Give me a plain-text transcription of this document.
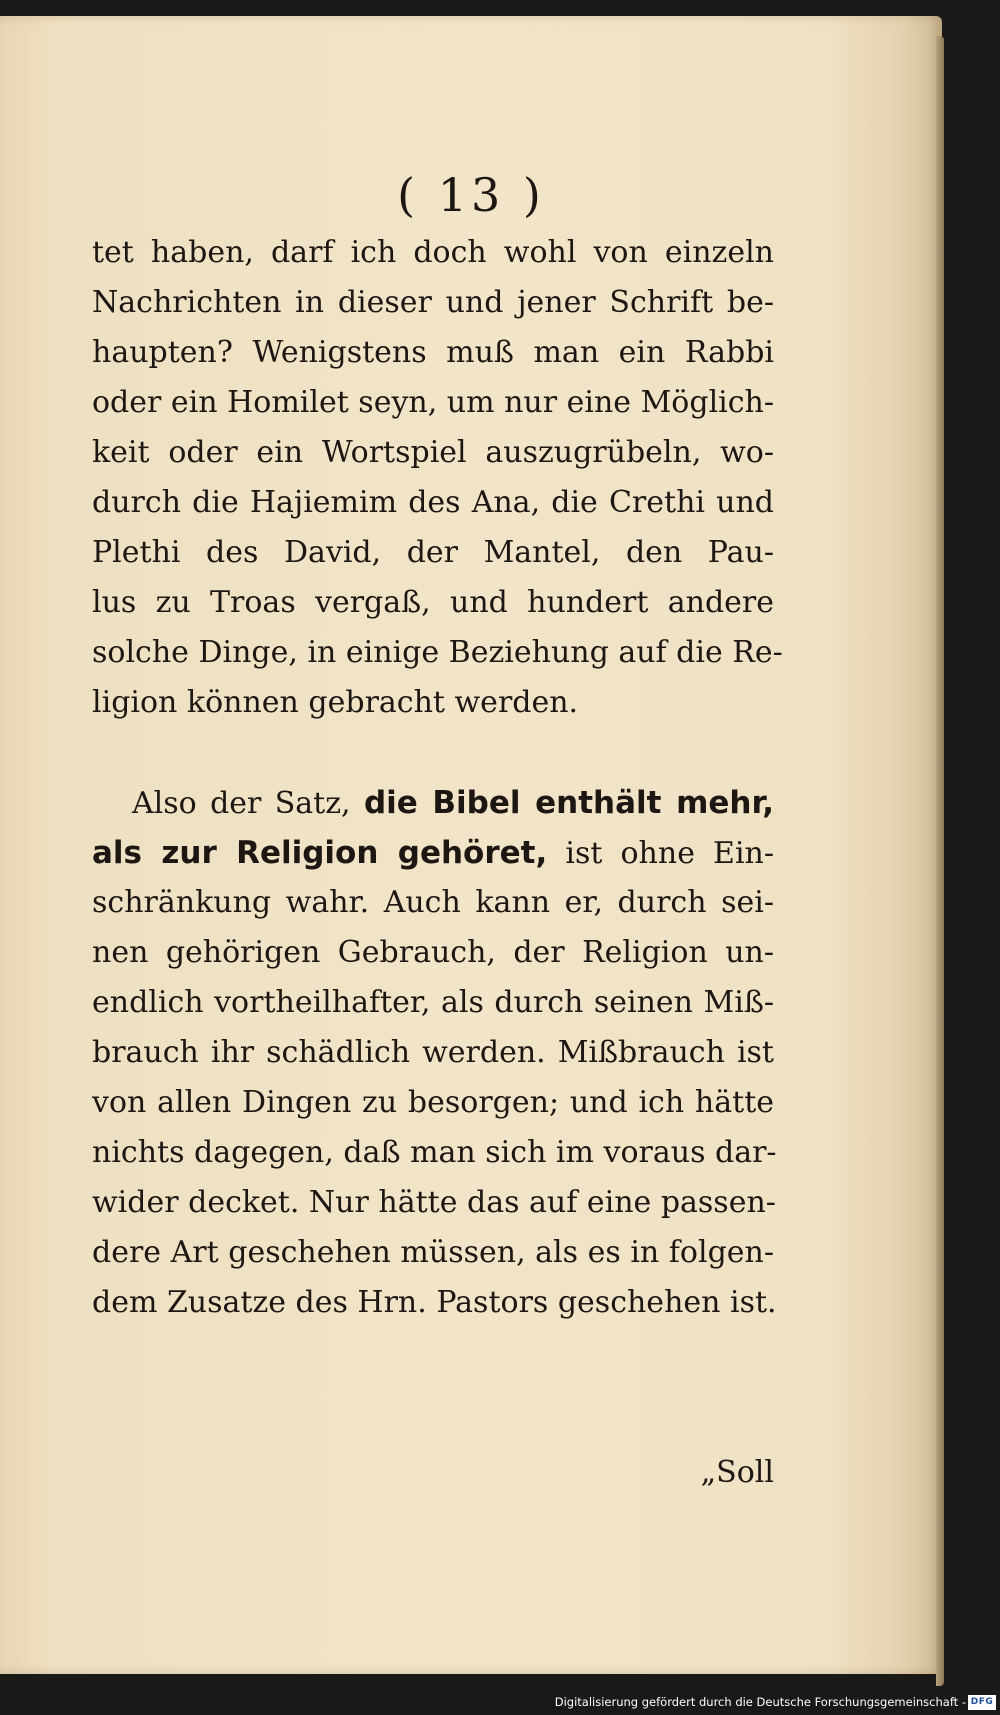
( 13 )

tet haben, darf ich doch wohl von einzeln

Nachrichten in dieser und jener Schrift be-

haupten? Wenigstens muß man ein Rabbi

oder ein Homilet seyn, um nur eine Möglich-

keit oder ein Wortspiel auszugrübeln, wo-

durch die Hajiemim des Ana, die Crethi und

Plethi des David, der Mantel, den Pau-

lus zu Troas vergaß, und hundert andere

solche Dinge, in einige Beziehung auf die Re-

ligion können gebracht werden.

Also der Satz, die Bibel enthält mehr,

als zur Religion gehöret, ist ohne Ein-

schränkung wahr. Auch kann er, durch sei-

nen gehörigen Gebrauch, der Religion un-

endlich vortheilhafter, als durch seinen Miß-

brauch ihr schädlich werden. Mißbrauch ist

von allen Dingen zu besorgen; und ich hätte

nichts dagegen, daß man sich im voraus dar-

wider decket. Nur hätte das auf eine passen-

dere Art geschehen müssen, als es in folgen-

dem Zusatze des Hrn. Pastors geschehen ist.

„Soll
Digitalisierung gefördert durch die Deutsche Forschungsgemeinschaft - DFG
